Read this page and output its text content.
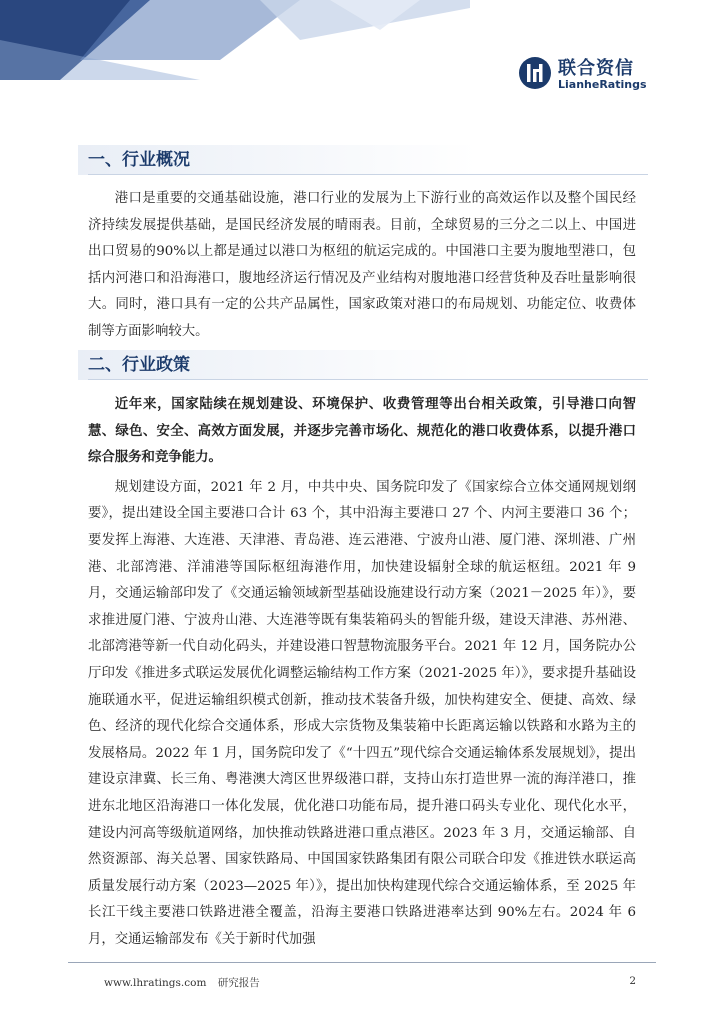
联合资信
LianheRatings
一、行业概况

港口是重要的交通基础设施，港口行业的发展为上下游行业的高效运作以及整个国民经济持续发展提供基础，是国民经济发展的晴雨表。目前，全球贸易的三分之二以上、中国进出口贸易的90%以上都是通过以港口为枢纽的航运完成的。中国港口主要为腹地型港口，包括内河港口和沿海港口，腹地经济运行情况及产业结构对腹地港口经营货种及吞吐量影响很大。同时，港口具有一定的公共产品属性，国家政策对港口的布局规划、功能定位、收费体制等方面影响较大。

二、行业政策

近年来，国家陆续在规划建设、环境保护、收费管理等出台相关政策，引导港口向智慧、绿色、安全、高效方面发展，并逐步完善市场化、规范化的港口收费体系，以提升港口综合服务和竞争能力。

规划建设方面，2021 年 2 月，中共中央、国务院印发了《国家综合立体交通网规划纲要》，提出建设全国主要港口合计 63 个，其中沿海主要港口 27 个、内河主要港口 36 个；要发挥上海港、大连港、天津港、青岛港、连云港港、宁波舟山港、厦门港、深圳港、广州港、北部湾港、洋浦港等国际枢纽海港作用，加快建设辐射全球的航运枢纽。2021 年 9 月，交通运输部印发了《交通运输领域新型基础设施建设行动方案（2021－2025 年）》，要求推进厦门港、宁波舟山港、大连港等既有集装箱码头的智能升级，建设天津港、苏州港、北部湾港等新一代自动化码头，并建设港口智慧物流服务平台。2021 年 12 月，国务院办公厅印发《推进多式联运发展优化调整运输结构工作方案（2021-2025 年）》，要求提升基础设施联通水平，促进运输组织模式创新，推动技术装备升级，加快构建安全、便捷、高效、绿色、经济的现代化综合交通体系，形成大宗货物及集装箱中长距离运输以铁路和水路为主的发展格局。2022 年 1 月，国务院印发了《“十四五”现代综合交通运输体系发展规划》，提出建设京津冀、长三角、粤港澳大湾区世界级港口群，支持山东打造世界一流的海洋港口，推进东北地区沿海港口一体化发展，优化港口功能布局，提升港口码头专业化、现代化水平，建设内河高等级航道网络，加快推动铁路进港口重点港区。2023 年 3 月，交通运输部、自然资源部、海关总署、国家铁路局、中国国家铁路集团有限公司联合印发《推进铁水联运高质量发展行动方案（2023—2025 年）》，提出加快构建现代综合交通运输体系，至 2025 年长江干线主要港口铁路进港全覆盖，沿海主要港口铁路进港率达到 90%左右。2024 年 6 月，交通运输部发布《关于新时代加强

www.lhratings.com 研究报告	2
